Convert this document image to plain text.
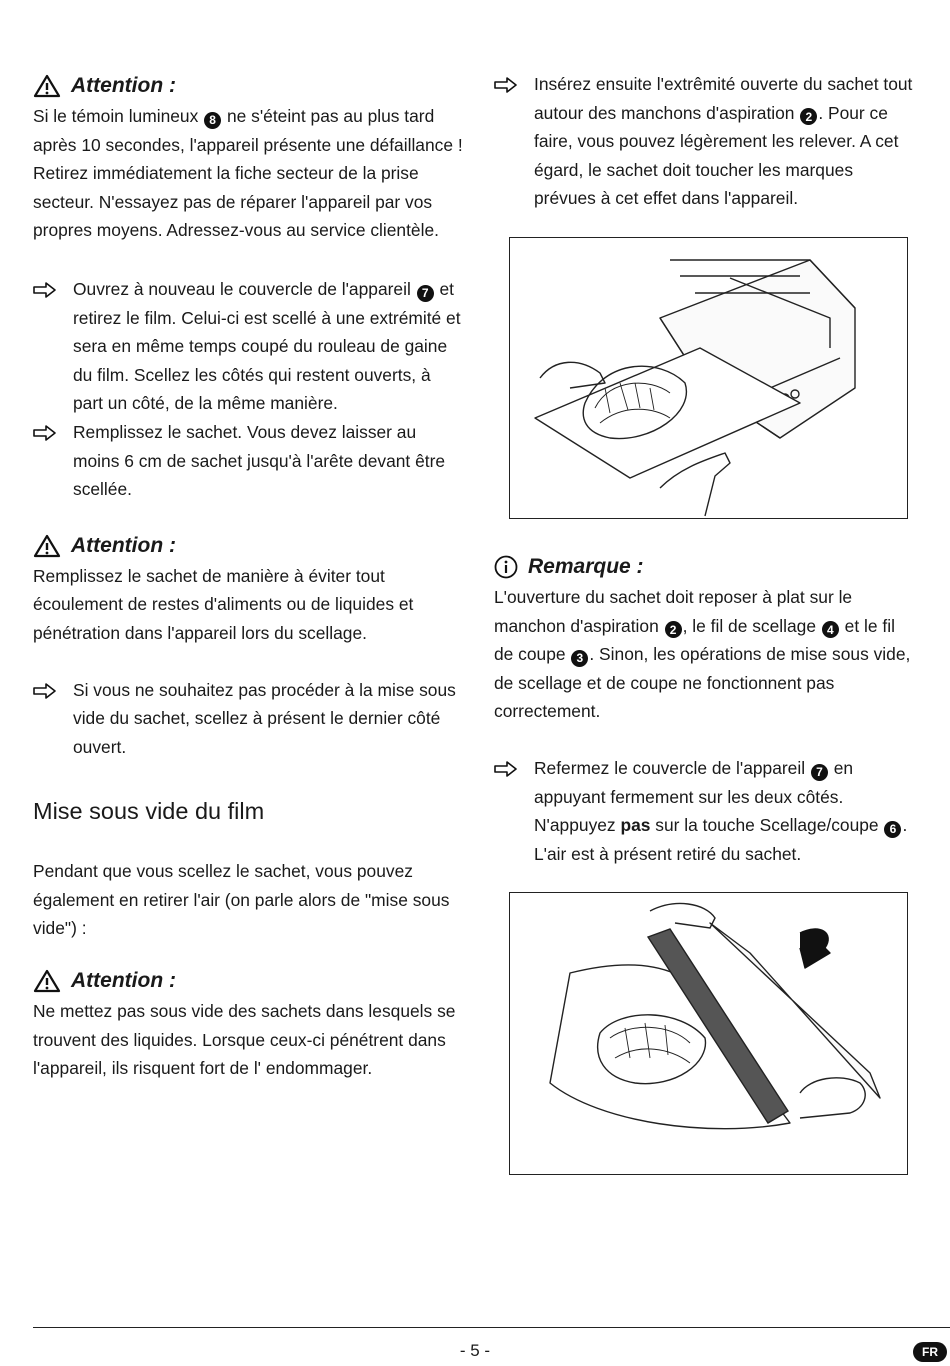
Attention :

Si le témoin lumineux 8 ne s'éteint pas au plus tard après 10 secondes, l'appareil présente une défaillance ! Retirez immédiatement la fiche secteur de la prise secteur. N'essayez pas de réparer l'appareil par vos propres moyens. Adressez-vous au service clientèle.

Ouvrez à nouveau le couvercle de l'appareil 7 et retirez le film. Celui-ci est scellé à une extrémité et sera en même temps coupé du rouleau de gaine du film. Scellez les côtés qui restent ouverts, à part un côté, de la même manière.

Remplissez le sachet. Vous devez laisser au moins 6 cm de sachet jusqu'à l'arête devant être scellée.

Attention :

Remplissez le sachet de manière à éviter tout écoulement de restes d'aliments ou de liquides et pénétration dans l'appareil lors du scellage.

Si vous ne souhaitez pas procéder à la mise sous vide du sachet, scellez à présent le dernier côté ouvert.

Mise sous vide du film

Pendant que vous scellez le sachet, vous pouvez également en retirer l'air (on parle alors de "mise sous vide") :

Attention :

Ne mettez pas sous vide des sachets dans lesquels se trouvent des liquides. Lorsque ceux-ci pénétrent dans l'appareil, ils risquent fort de l' endommager.

Insérez ensuite l'extrêmité ouverte du sachet tout autour des manchons d'aspiration 2 . Pour ce faire, vous pouvez légèrement les relever. A cet égard, le sachet doit toucher les marques prévues à cet effet dans l'appareil.

Remarque :

L'ouverture du sachet doit reposer à plat sur le manchon d'aspiration 2 , le fil de scellage 4 et le fil de coupe 3 . Sinon, les opérations de mise sous vide, de scellage et de coupe ne fonctionnent pas correctement.

Refermez le couvercle de l'appareil 7 en appuyant fermement sur les deux côtés. N'appuyez pas sur la touche Scellage/coupe 6 . L'air est à présent retiré du sachet.

- 5 -	FR
